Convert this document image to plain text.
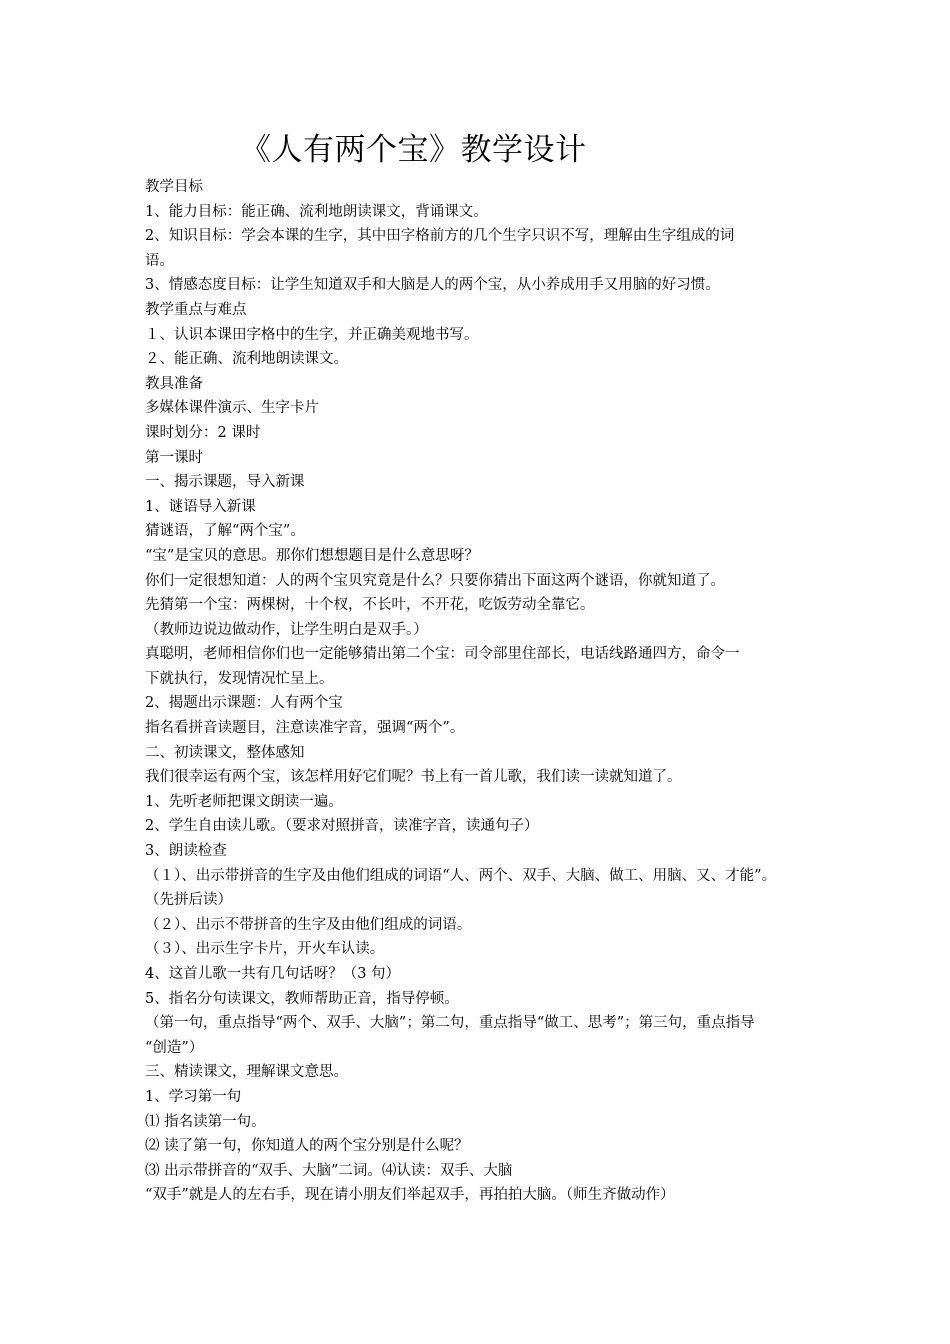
《人有两个宝》教学设计
教学目标
1、能力目标：能正确、流利地朗读课文，背诵课文。
2、知识目标：学会本课的生字，其中田字格前方的几个生字只识不写，理解由生字组成的词
语。
3、情感态度目标：让学生知道双手和大脑是人的两个宝，从小养成用手又用脑的好习惯。
教学重点与难点
１、认识本课田字格中的生字，并正确美观地书写。
２、能正确、流利地朗读课文。
教具准备
多媒体课件演示、生字卡片
课时划分：2 课时
第一课时
一、揭示课题，导入新课
1、谜语导入新课
猜谜语，了解“两个宝”。
“宝”是宝贝的意思。那你们想想题目是什么意思呀？
你们一定很想知道：人的两个宝贝究竟是什么？只要你猜出下面这两个谜语，你就知道了。
先猜第一个宝：两棵树，十个杈，不长叶，不开花，吃饭劳动全靠它。
（教师边说边做动作，让学生明白是双手。）
真聪明，老师相信你们也一定能够猜出第二个宝：司令部里住部长，电话线路通四方，命令一
下就执行，发现情况忙呈上。
2、揭题出示课题：人有两个宝
指名看拼音读题目，注意读准字音，强调“两个”。
二、初读课文，整体感知
我们很幸运有两个宝，该怎样用好它们呢？书上有一首儿歌，我们读一读就知道了。
1、先听老师把课文朗读一遍。
2、学生自由读儿歌。（要求对照拼音，读准字音，读通句子）
3、朗读检查
（１）、出示带拼音的生字及由他们组成的词语“人、两个、双手、大脑、做工、用脑、又、才能”。
（先拼后读）
（２）、出示不带拼音的生字及由他们组成的词语。
（３）、出示生字卡片，开火车认读。
4、这首儿歌一共有几句话呀？（3 句）
5、指名分句读课文，教师帮助正音，指导停顿。
（第一句，重点指导“两个、双手、大脑”；第二句，重点指导“做工、思考”；第三句，重点指导
“创造”）
三、精读课文，理解课文意思。
1、学习第一句
⑴ 指名读第一句。
⑵ 读了第一句，你知道人的两个宝分别是什么呢？
⑶ 出示带拼音的“双手、大脑”二词。⑷认读：双手、大脑
“双手”就是人的左右手，现在请小朋友们举起双手，再拍拍大脑。（师生齐做动作）
